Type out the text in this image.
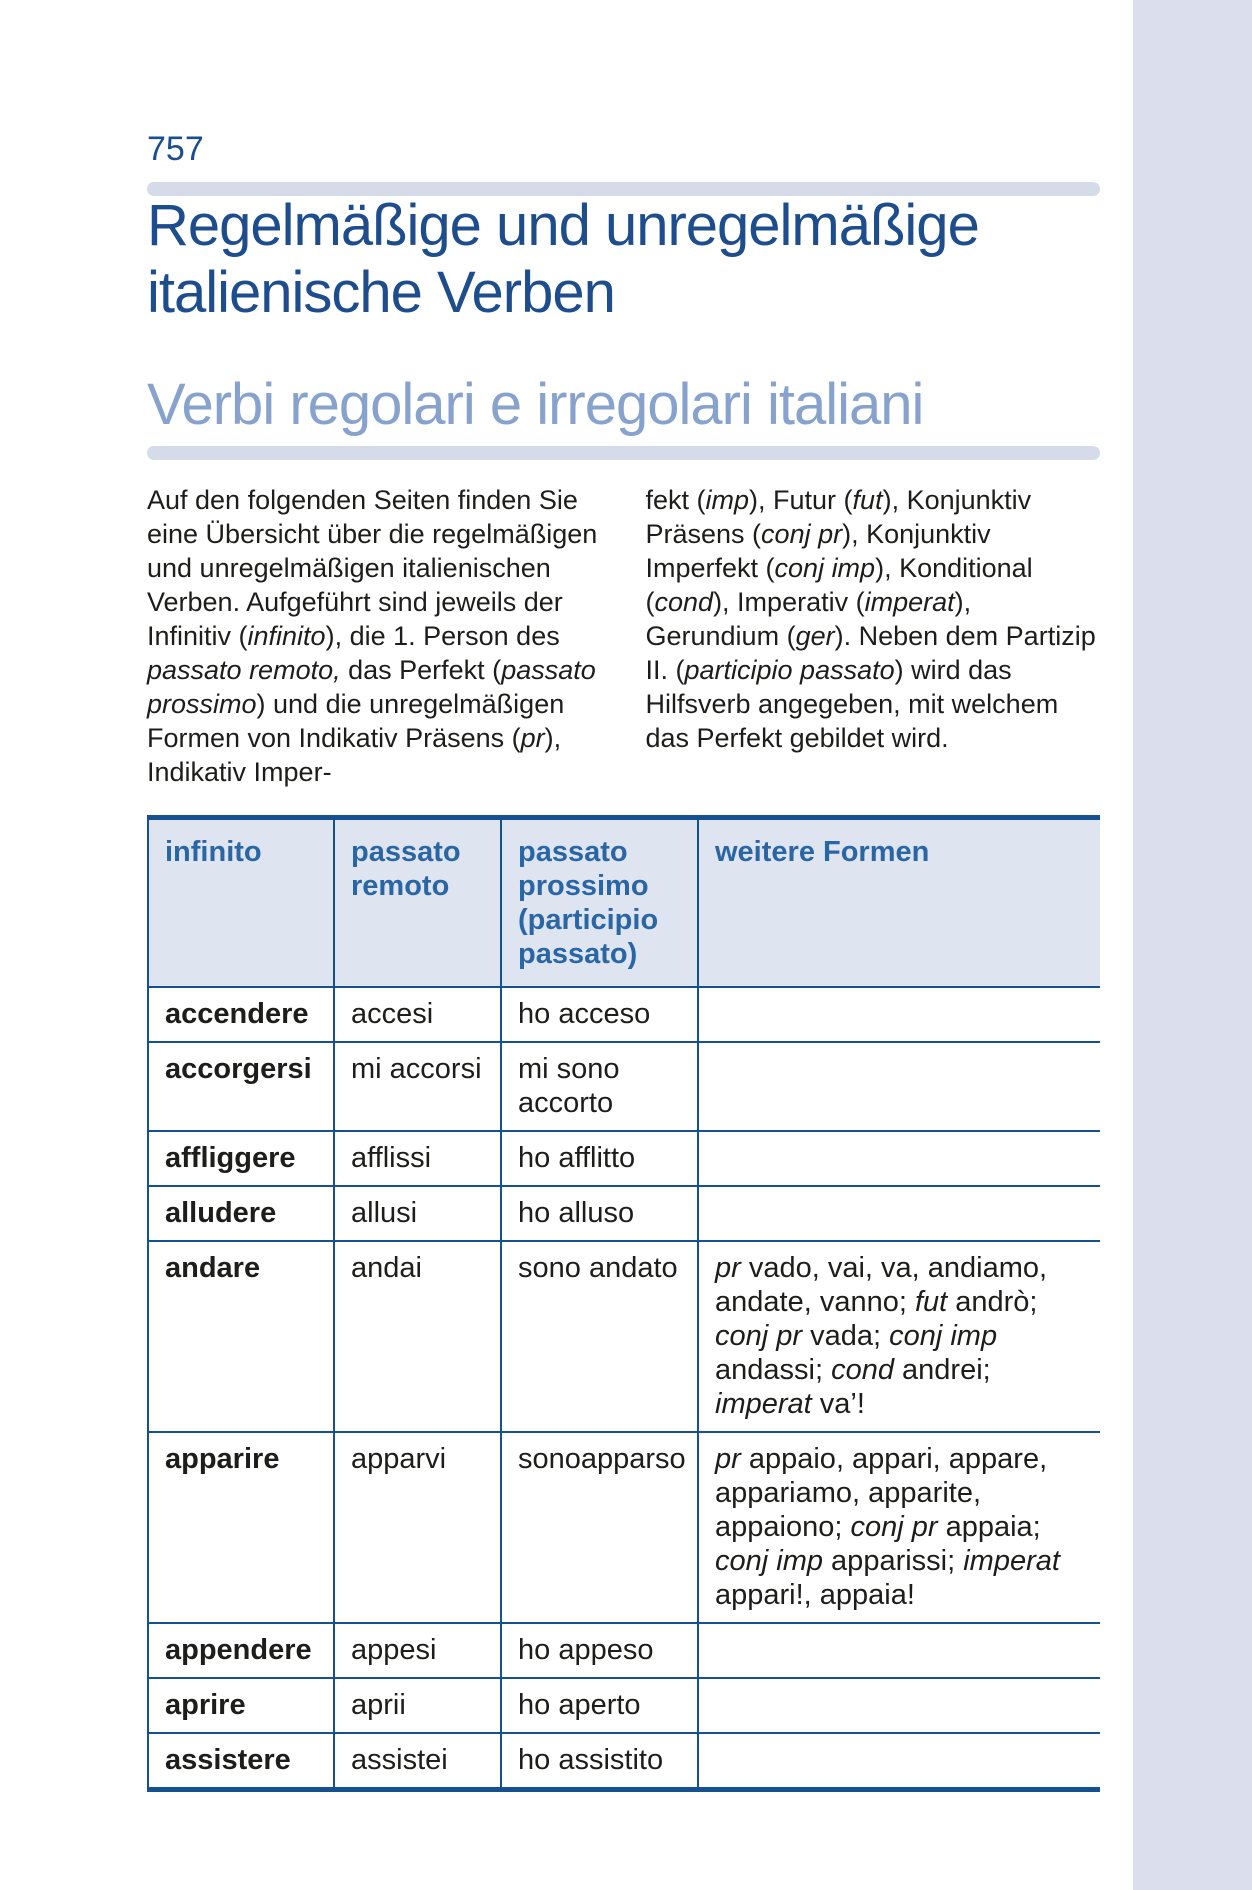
757
Regelmäßige und unregelmäßige italienische Verben
Verbi regolari e irregolari italiani
Auf den folgenden Seiten finden Sie eine Übersicht über die regelmäßigen und unregelmäßigen italienischen Verben. Aufgeführt sind jeweils der Infinitiv (infinito), die 1. Person des passato remoto, das Perfekt (passato prossimo) und die unregelmäßigen Formen von Indikativ Präsens (pr), Indikativ Imper-
fekt (imp), Futur (fut), Konjunktiv Präsens (conj pr), Konjunktiv Imperfekt (conj imp), Konditional (cond), Imperativ (imperat), Gerundium (ger). Neben dem Partizip II. (participio passato) wird das Hilfsverb angegeben, mit welchem das Perfekt gebildet wird.
infinito	passato remoto	passato prossimo (participio passato)	weitere Formen
accendere	accesi	ho acceso	
accorgersi	mi accorsi	mi sono accorto	
affliggere	afflissi	ho afflitto	
alludere	allusi	ho alluso	
andare	andai	sono andato	pr vado, vai, va, andiamo, andate, vanno; fut andrò; conj pr vada; conj imp andassi; cond andrei; imperat va’!
apparire	apparvi	sonoapparso	pr appaio, appari, appare, appariamo, apparite, appaiono; conj pr appaia; conj imp apparissi; imperat appari!, appaia!
appendere	appesi	ho appeso	
aprire	aprii	ho aperto	
assistere	assistei	ho assistito	
